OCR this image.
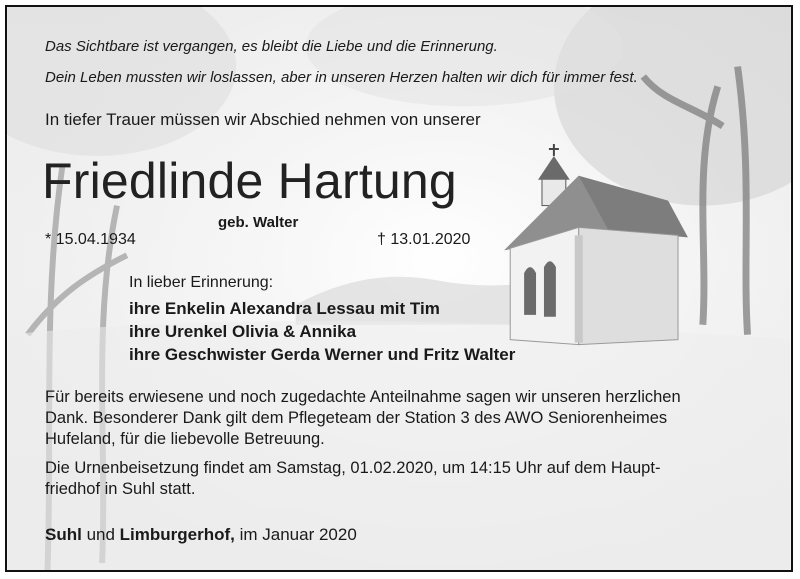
Das Sichtbare ist vergangen, es bleibt die Liebe und die Erinnerung.
Dein Leben mussten wir loslassen, aber in unseren Herzen halten wir dich für immer fest.
In tiefer Trauer müssen wir Abschied nehmen von unserer
Friedlinde Hartung
geb. Walter
* 15.04.1934	† 13.01.2020
In lieber Erinnerung:
ihre Enkelin Alexandra Lessau mit Tim
ihre Urenkel Olivia & Annika
ihre Geschwister Gerda Werner und Fritz Walter
Für bereits erwiesene und noch zugedachte Anteilnahme sagen wir unseren herzlichen
Dank. Besonderer Dank gilt dem Pflegeteam der Station 3 des AWO Seniorenheimes
Hufeland, für die liebevolle Betreuung.
Die Urnenbeisetzung findet am Samstag, 01.02.2020, um 14:15 Uhr auf dem Haupt-
friedhof in Suhl statt.
Suhl und Limburgerhof, im Januar 2020
